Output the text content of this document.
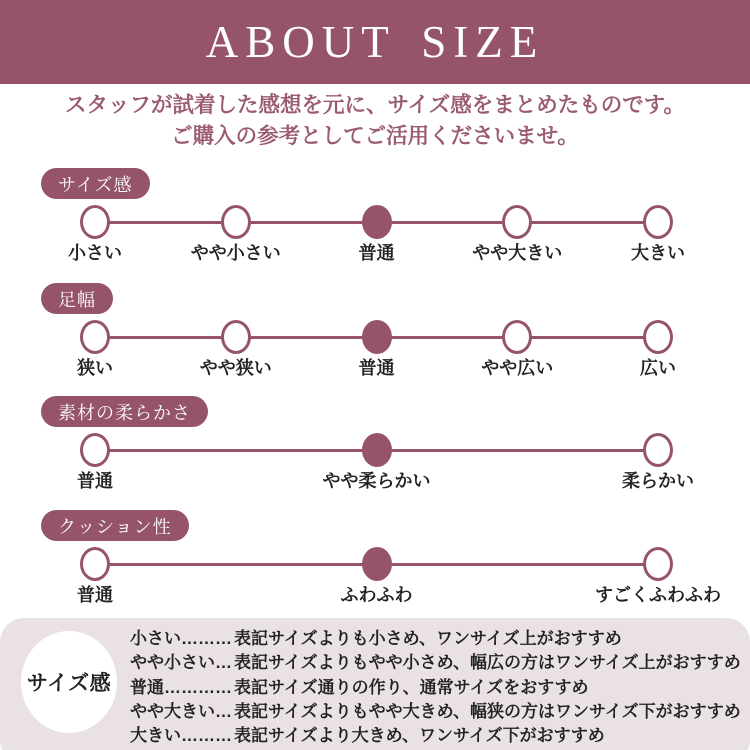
ABOUT SIZE

スタッフが試着した感想を元に、サイズ感をまとめたものです。
ご購入の参考としてご活用くださいませ。

サイズ感
小さい	やや小さい	普通	やや大きい	大きい
足幅
狭い	やや狭い	普通	やや広い	広い
素材の柔らかさ
普通	やや柔らかい	柔らかい
クッション性
普通	ふわふわ	すごくふわふわ
サイズ感
小さい……… 表記サイズよりも小さめ、ワンサイズ上がおすすめ
やや小さい… 表記サイズよりもやや小さめ、幅広の方はワンサイズ上がおすすめ
普通………… 表記サイズ通りの作り、通常サイズをおすすめ
やや大きい… 表記サイズよりもやや大きめ、幅狭の方はワンサイズ下がおすすめ
大きい……… 表記サイズより大きめ、ワンサイズ下がおすすめ
